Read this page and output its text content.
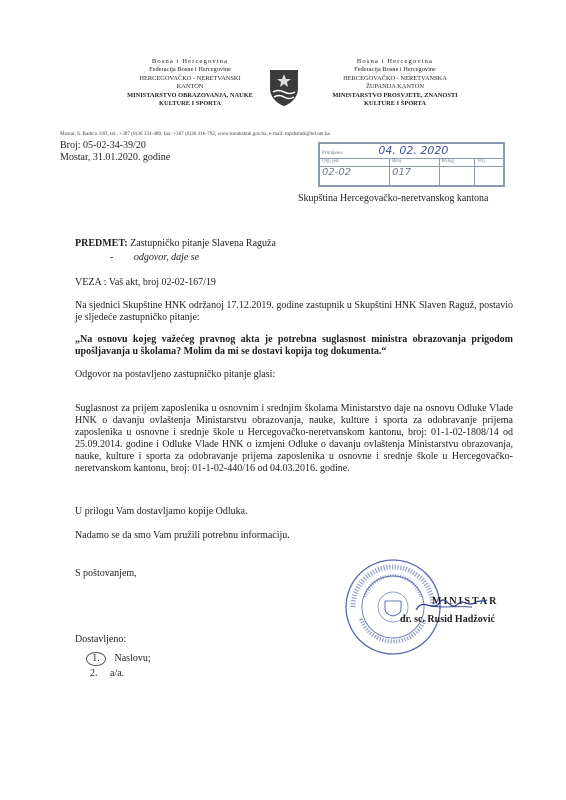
Bosna i Hercegovina
Federacija Bosne i Hercegovine
HERCEGOVAČKO - NERETVANSKI
KANTON
MINISTARSTVO OBRAZOVANJA, NAUKE
KULTURE I SPORTA
Bosna i Hercegovina
Federacija Bosne i Hercegovine
HERCEGOVAČKO - NERETVANSKA
ŽUPANIJA KANTON
MINISTARSTVO PROSVJETE, ZNANOSTI
KULTURE I ŠPORTA
Mostar, S. Radića 3/III, tel.: +387 (0)36 334-480, fax: +387 (0)36 316-792; www.monkshnk.gov.ba, e-mail: mpsbshnk@tel.net.ba
Primljeno: 04. 02. 2020			
Org. jed.	Broj	Prilog	Vrij.
02-02	017		
Broj: 05-02-34-39/20
Mostar, 31.01.2020. godine
Skupština Hercegovačko-neretvanskog kantona
PREDMET: Zastupničko pitanje Slavena Raguža
- odgovor, daje se
VEZA : Vaš akt, broj 02-02-167/19
Na sjednici Skupštine HNK održanoj 17.12.2019. godine zastupnik u Skupštini HNK Slaven Raguž, postavio je sljedeće zastupničko pitanje:
„Na osnovu kojeg važećeg pravnog akta je potrebna suglasnost ministra obrazovanja prigodom upošljavanja u školama? Molim da mi se dostavi kopija tog dokumenta.“
Odgovor na postavljeno zastupničko pitanje glasi:
Suglasnost za prijem zaposlenika u osnovnim i srednjim školama Ministarstvo daje na osnovu Odluke Vlade HNK o davanju ovlaštenja Ministarstvu obrazovanja, nauke, kulture i sporta za odobravanje prijema zaposlenika u osnovne i srednje škole u Hercegovačko-neretvanskom kantonu, broj: 01-1-02-1808/14 od 25.09.2014. godine i Odluke Vlade HNK o izmjeni Odluke o davanju ovlaštenja Ministarstvu obrazovanja, nauke, kulture i sporta za odobravanje prijema zaposlenika u osnovne i srednje škole u Hercegovačko-neretvanskom kantonu, broj: 01-1-02-440/16 od 04.03.2016. godine.
U prilogu Vam dostavljamo kopije Odluka.
Nadamo se da smo Vam pružili potrebnu informaciju.
S poštovanjem,
MINISTAR
dr. sc. Rusid Hadžović
Dostavljeno:
1. Naslovu;
2. a/a.
